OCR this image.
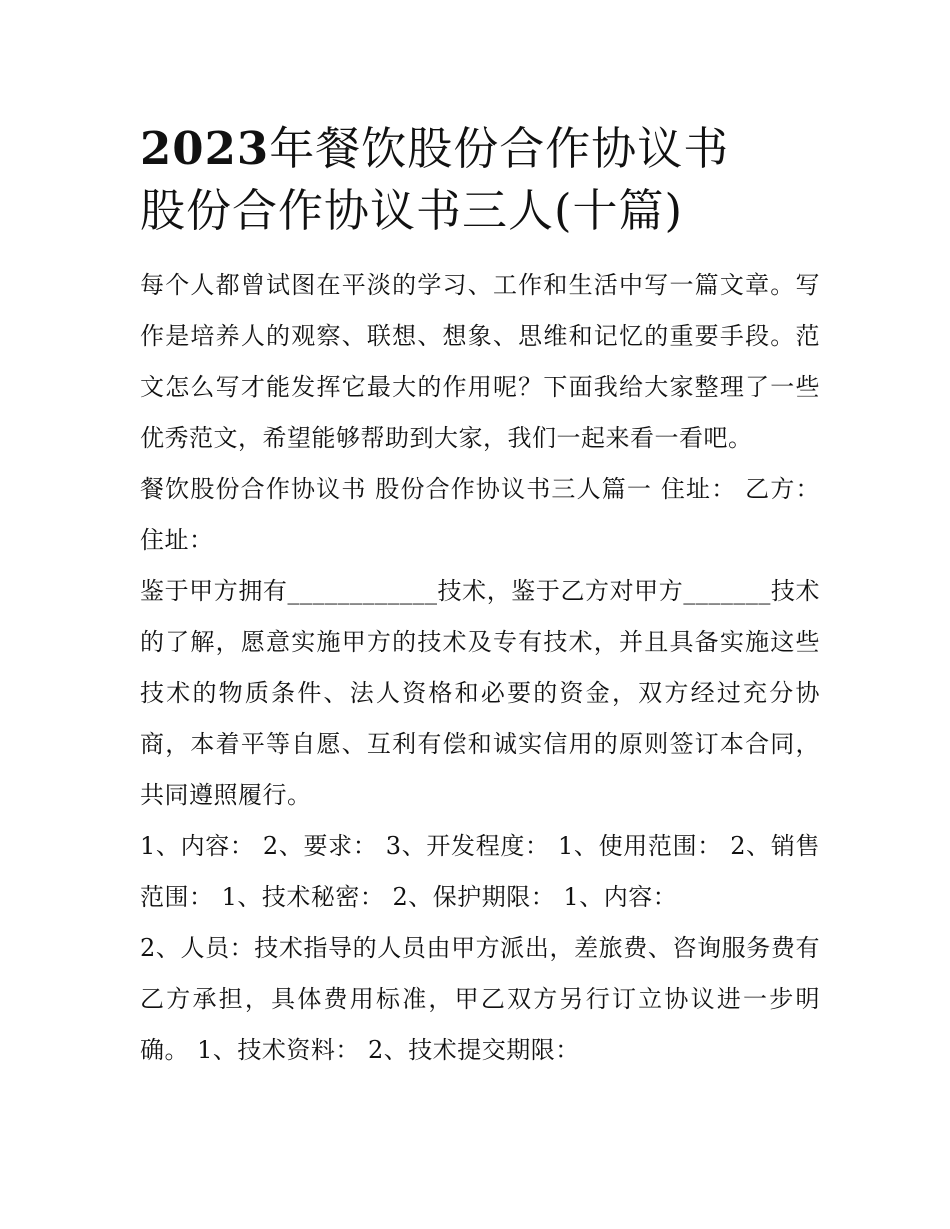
2023年餐饮股份合作协议书
股份合作协议书三人(十篇)

每个人都曾试图在平淡的学习、工作和生活中写一篇文章。写作是培养人的观察、联想、想象、思维和记忆的重要手段。范文怎么写才能发挥它最大的作用呢？下面我给大家整理了一些优秀范文，希望能够帮助到大家，我们一起来看一看吧。

餐饮股份合作协议书 股份合作协议书三人篇一 住址： 乙方：住址：

鉴于甲方拥有____________技术，鉴于乙方对甲方_______技术的了解，愿意实施甲方的技术及专有技术，并且具备实施这些技术的物质条件、法人资格和必要的资金，双方经过充分协商，本着平等自愿、互利有偿和诚实信用的原则签订本合同，共同遵照履行。

1、内容： 2、要求： 3、开发程度： 1、使用范围： 2、销售范围： 1、技术秘密： 2、保护期限： 1、内容：

2、人员：技术指导的人员由甲方派出，差旅费、咨询服务费有乙方承担，具体费用标准，甲乙双方另行订立协议进一步明确。 1、技术资料： 2、技术提交期限：
